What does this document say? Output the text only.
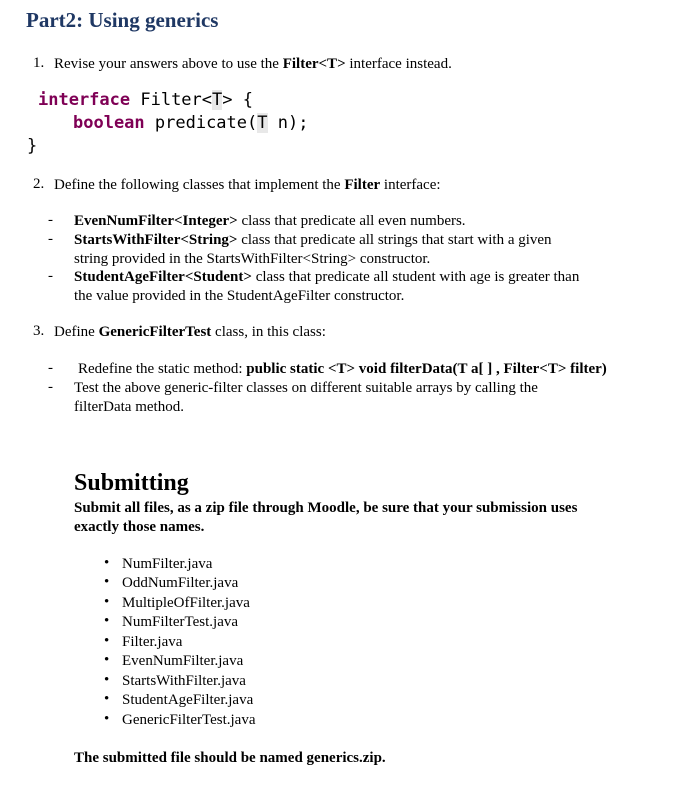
Part2: Using generics
1. Revise your answers above to use the Filter<T> interface instead.
interface Filter<T> {
boolean predicate(T n);
}
2. Define the following classes that implement the Filter interface:
- EvenNumFilter<Integer> class that predicate all even numbers.
- StartsWithFilter<String> class that predicate all strings that start with a given
string provided in the StartsWithFilter<String> constructor.
- StudentAgeFilter<Student> class that predicate all student with age is greater than
the value provided in the StudentAgeFilter constructor.
3. Define GenericFilterTest class, in this class:
- Redefine the static method: public static <T> void filterData(T a[ ] , Filter<T> filter)
- Test the above generic-filter classes on different suitable arrays by calling the
filterData method.
Submitting
Submit all files, as a zip file through Moodle, be sure that your submission uses
exactly those names.
• NumFilter.java
• OddNumFilter.java
• MultipleOfFilter.java
• NumFilterTest.java
• Filter.java
• EvenNumFilter.java
• StartsWithFilter.java
• StudentAgeFilter.java
• GenericFilterTest.java
The submitted file should be named generics.zip.
